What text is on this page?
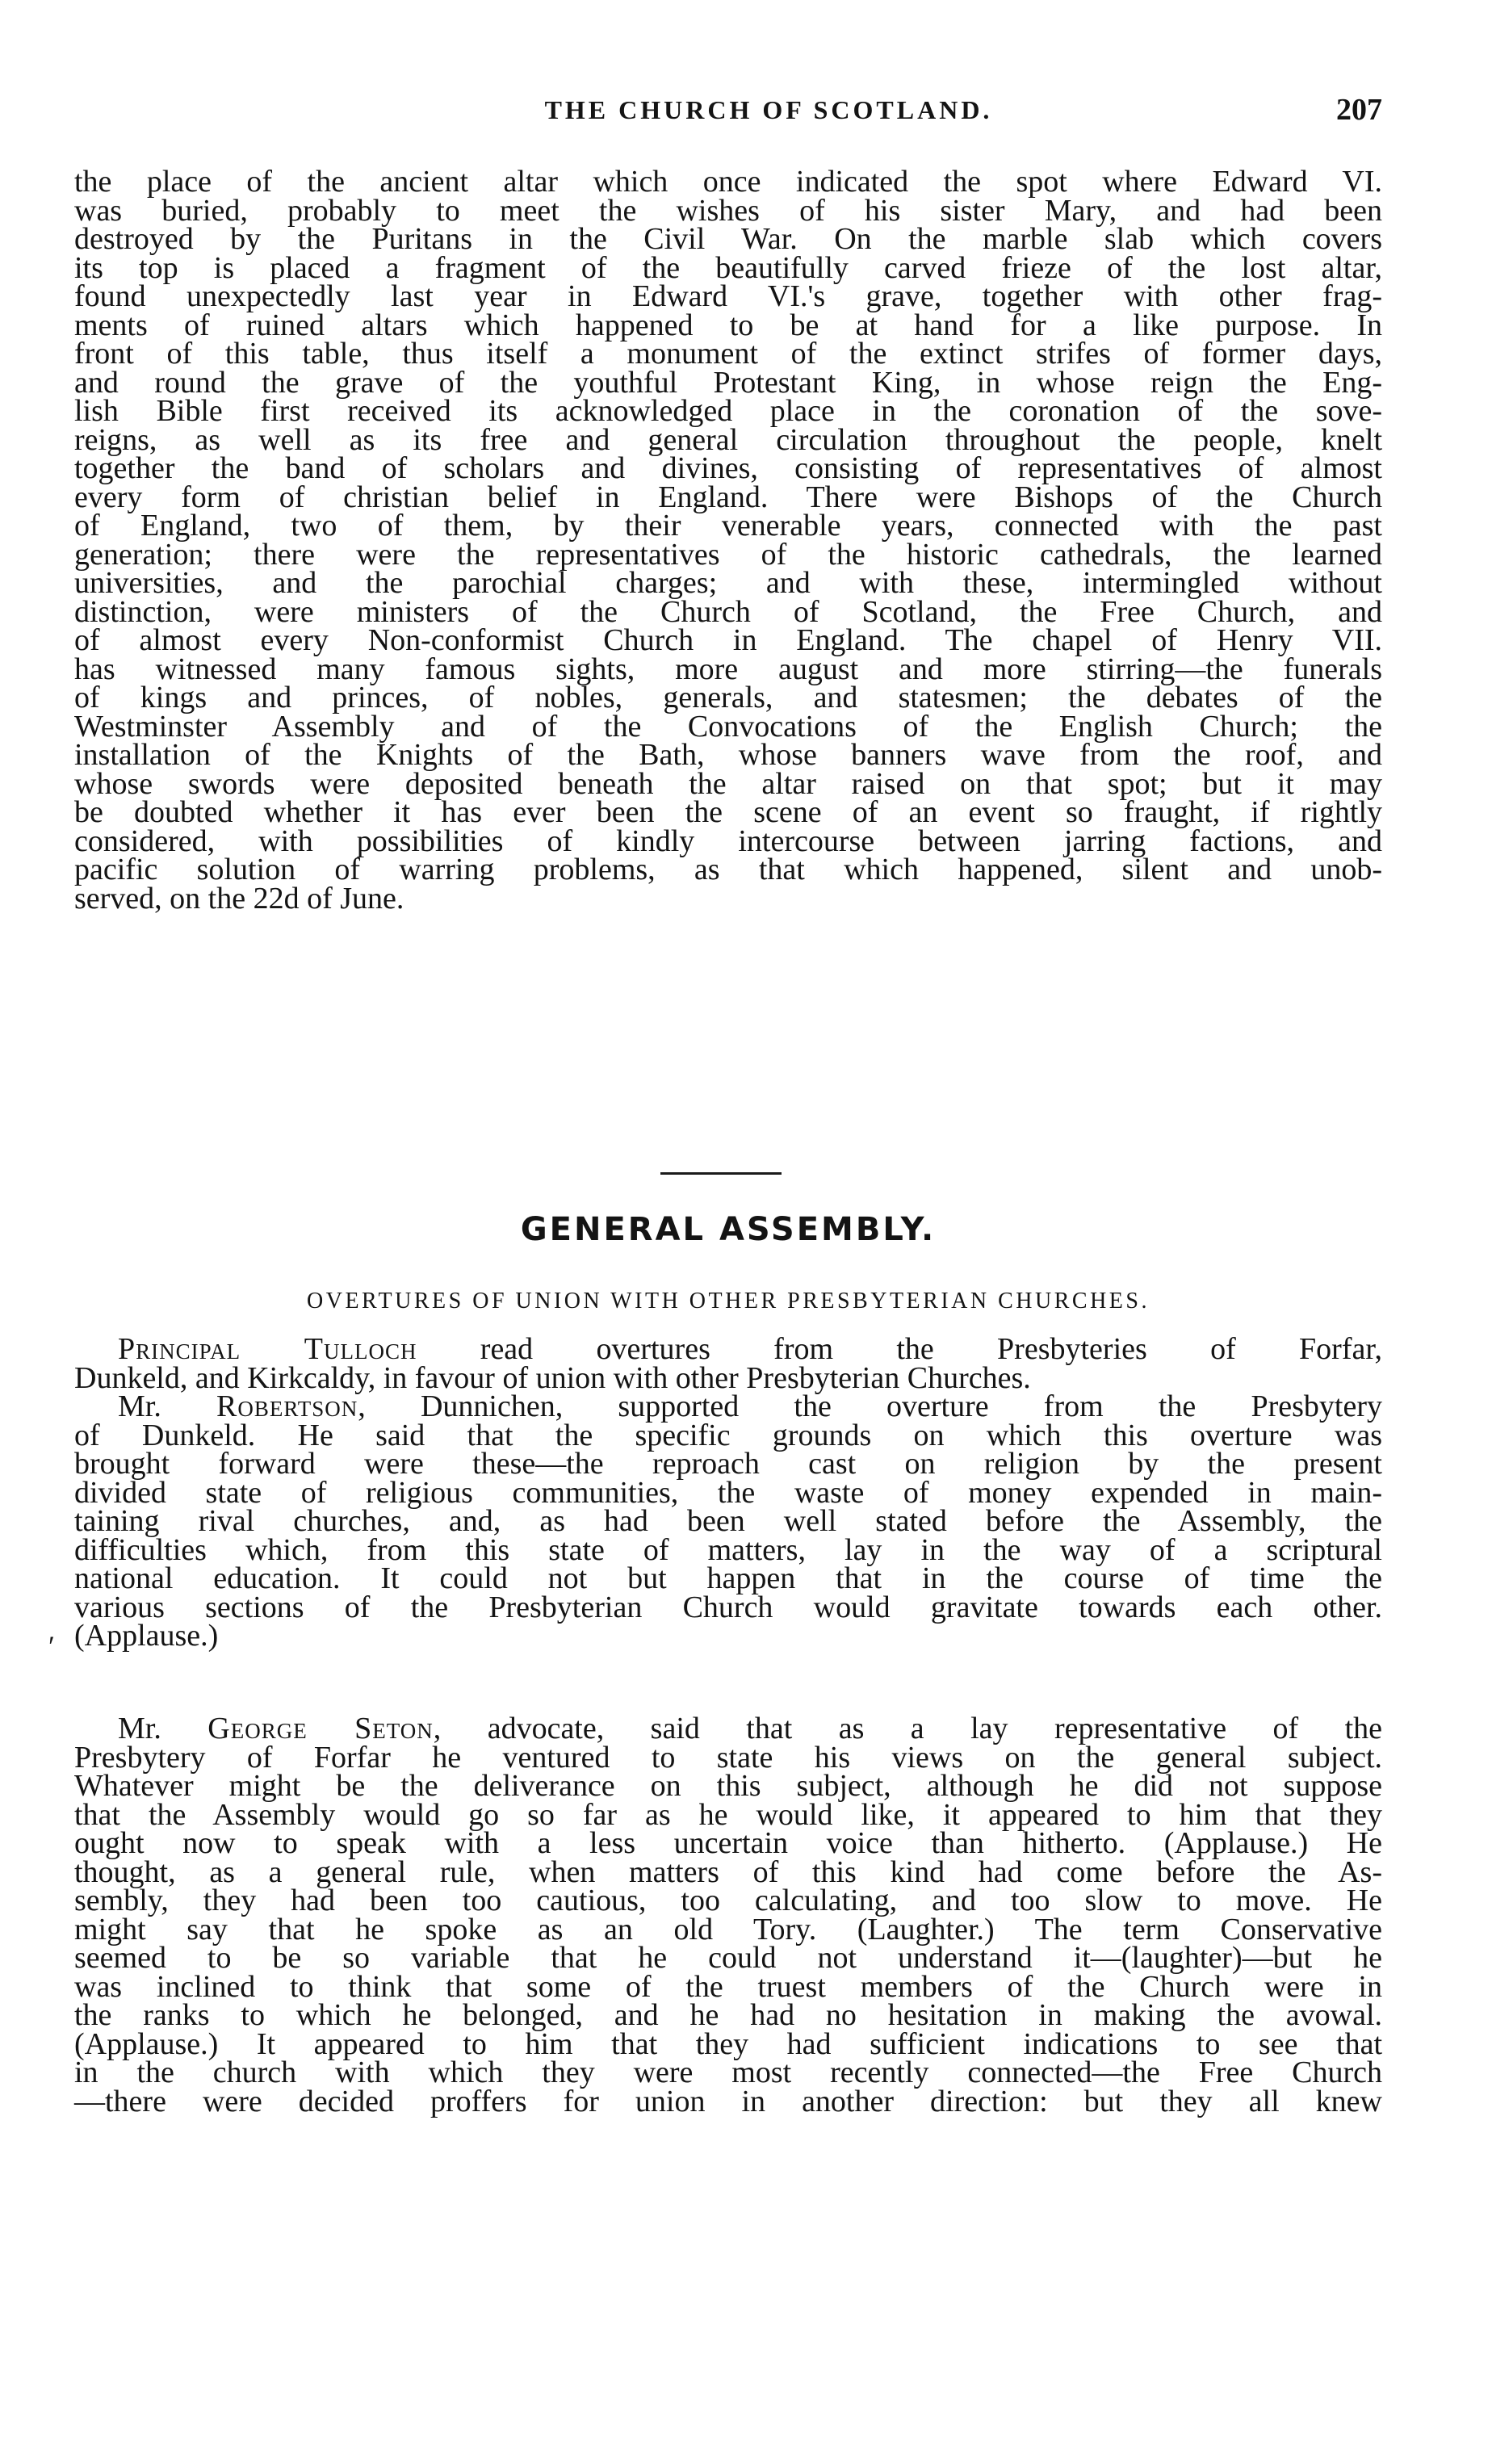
THE CHURCH OF SCOTLAND.	207
the place of the ancient altar which once indicated the spot where Edward VI.
was buried, probably to meet the wishes of his sister Mary, and had been
destroyed by the Puritans in the Civil War. On the marble slab which covers
its top is placed a fragment of the beautifully carved frieze of the lost altar,
found unexpectedly last year in Edward VI.'s grave, together with other frag-
ments of ruined altars which happened to be at hand for a like purpose. In
front of this table, thus itself a monument of the extinct strifes of former days,
and round the grave of the youthful Protestant King, in whose reign the Eng-
lish Bible first received its acknowledged place in the coronation of the sove-
reigns, as well as its free and general circulation throughout the people, knelt
together the band of scholars and divines, consisting of representatives of almost
every form of christian belief in England. There were Bishops of the Church
of England, two of them, by their venerable years, connected with the past
generation; there were the representatives of the historic cathedrals, the learned
universities, and the parochial charges; and with these, intermingled without
distinction, were ministers of the Church of Scotland, the Free Church, and
of almost every Non-conformist Church in England. The chapel of Henry VII.
has witnessed many famous sights, more august and more stirring—the funerals
of kings and princes, of nobles, generals, and statesmen; the debates of the
Westminster Assembly and of the Convocations of the English Church; the
installation of the Knights of the Bath, whose banners wave from the roof, and
whose swords were deposited beneath the altar raised on that spot; but it may
be doubted whether it has ever been the scene of an event so fraught, if rightly
considered, with possibilities of kindly intercourse between jarring factions, and
pacific solution of warring problems, as that which happened, silent and unob-
served, on the 22d of June.
GENERAL ASSEMBLY.
OVERTURES OF UNION WITH OTHER PRESBYTERIAN CHURCHES.
Principal Tulloch read overtures from the Presbyteries of Forfar,
Dunkeld, and Kirkcaldy, in favour of union with other Presbyterian Churches.
Mr. Robertson, Dunnichen, supported the overture from the Presbytery
of Dunkeld. He said that the specific grounds on which this overture was
brought forward were these—the reproach cast on religion by the present
divided state of religious communities, the waste of money expended in main-
taining rival churches, and, as had been well stated before the Assembly, the
difficulties which, from this state of matters, lay in the way of a scriptural
national education. It could not but happen that in the course of time the
various sections of the Presbyterian Church would gravitate towards each other.
(Applause.)
′
Mr. George Seton, advocate, said that as a lay representative of the
Presbytery of Forfar he ventured to state his views on the general subject.
Whatever might be the deliverance on this subject, although he did not suppose
that the Assembly would go so far as he would like, it appeared to him that they
ought now to speak with a less uncertain voice than hitherto. (Applause.) He
thought, as a general rule, when matters of this kind had come before the As-
sembly, they had been too cautious, too calculating, and too slow to move. He
might say that he spoke as an old Tory. (Laughter.) The term Conservative
seemed to be so variable that he could not understand it—(laughter)—but he
was inclined to think that some of the truest members of the Church were in
the ranks to which he belonged, and he had no hesitation in making the avowal.
(Applause.) It appeared to him that they had sufficient indications to see that
in the church with which they were most recently connected—the Free Church
—there were decided proffers for union in another direction: but they all knew
